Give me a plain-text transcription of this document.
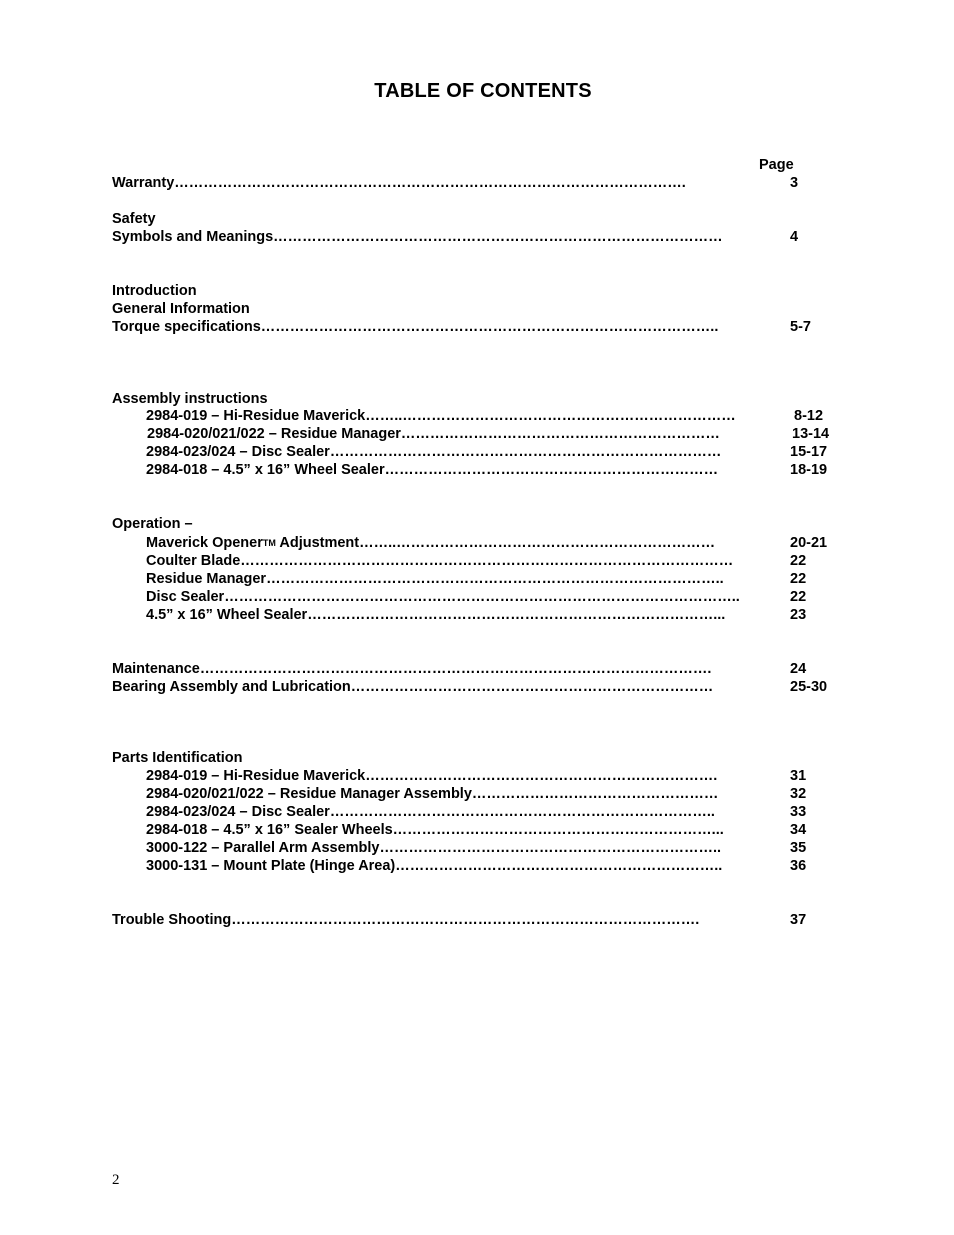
TABLE OF CONTENTS
Page
Warranty…………………………………………………………………………………………….	3
Safety
Symbols and Meanings…………………………………………………………………………………	4
Introduction
General Information
Torque specifications…………………………………………………………………………………..	5-7
Assembly instructions
2984-019 – Hi-Residue Maverick……..……………………………………………………………	8-12
2984-020/021/022 – Residue Manager…………………………………………………………	13-14
2984-023/024 – Disc Sealer………………………………………………………………………	15-17
2984-018 – 4.5” x 16” Wheel Sealer……………………………………………………………	18-19
Operation –
Maverick OpenerTM Adjustment……..…………………………………………………………	20-21
Coulter Blade…………………………………………………………………………………………	22
Residue Manager…………………………………………………………………………………..	22
Disc Sealer……………………………………………………………………………………………..	22
4.5” x 16” Wheel Sealer…………………………………………………………………………...	23
Maintenance…………………………………………………………………………………………….	24
Bearing Assembly and Lubrication…………………………………………………………………	25-30
Parts Identification
2984-019 – Hi-Residue Maverick……………………………………………………………….	31
2984-020/021/022 – Residue Manager Assembly……………………………………………	32
2984-023/024 – Disc Sealer……………………………………………………………………..	33
2984-018 – 4.5” x 16” Sealer Wheels…………………………………………………………...	34
3000-122 – Parallel Arm Assembly……………………………………………………………..	35
3000-131 – Mount Plate (Hinge Area)…………………………………………………………..	36
Trouble Shooting…………………………………………………………………………………….	37
2
